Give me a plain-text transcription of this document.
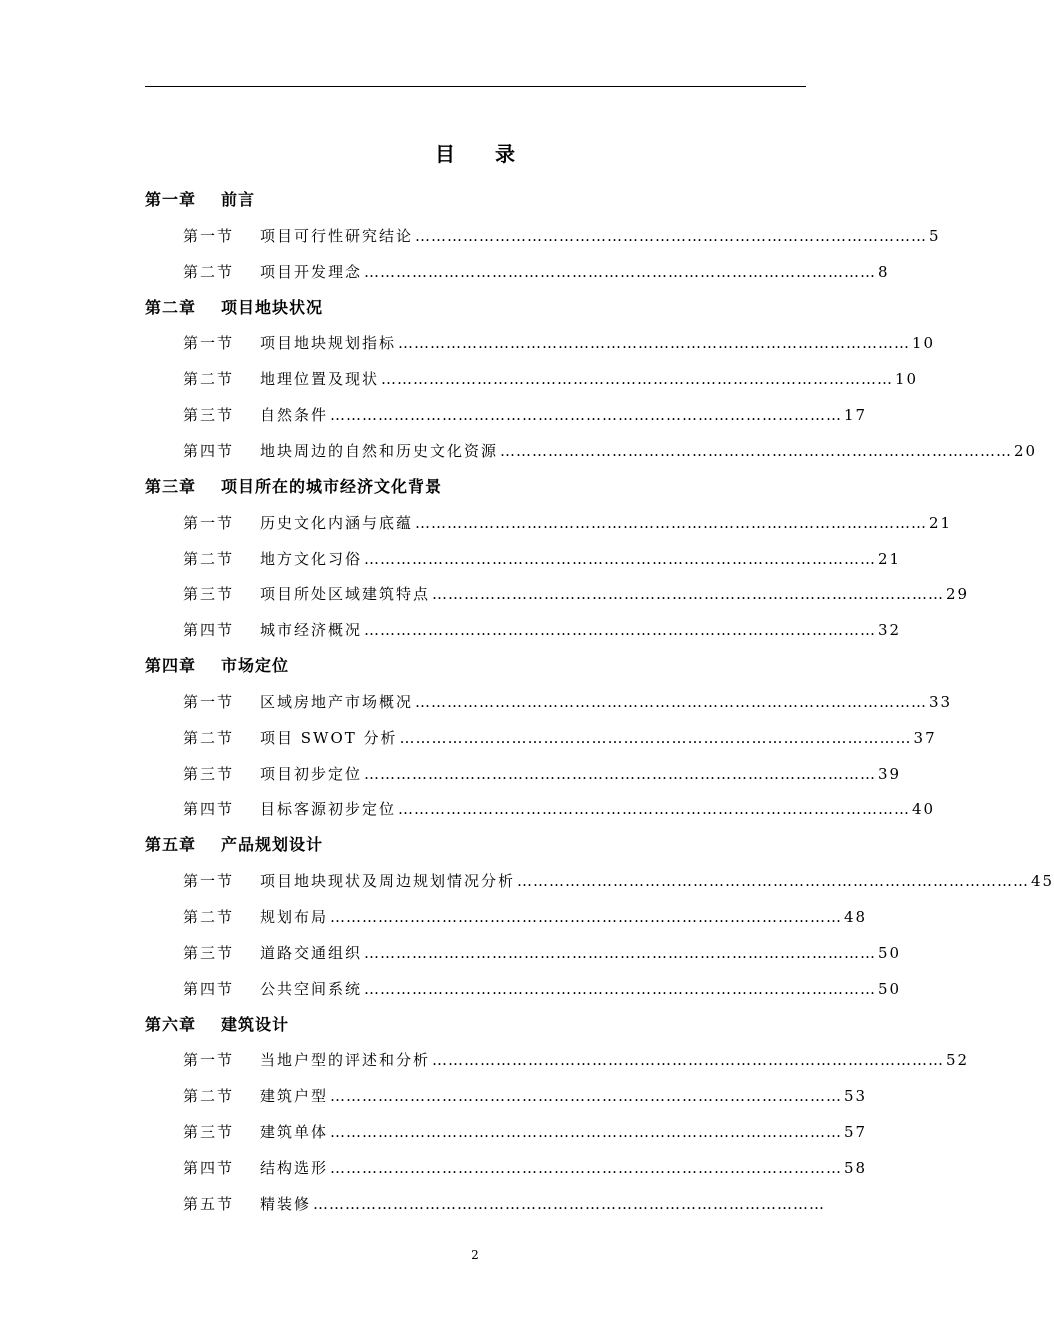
目录
第一章 前言
第一节	项目可行性研究结论 …………………………………………………………………………………… 5
第二节	项目开发理念 …………………………………………………………………………………… 8
第二章 项目地块状况
第一节	项目地块规划指标 …………………………………………………………………………………… 10
第二节	地理位置及现状 …………………………………………………………………………………… 10
第三节	自然条件 …………………………………………………………………………………… 17
第四节	地块周边的自然和历史文化资源 …………………………………………………………………………………… 20
第三章 项目所在的城市经济文化背景
第一节	历史文化内涵与底蕴 …………………………………………………………………………………… 21
第二节	地方文化习俗 …………………………………………………………………………………… 21
第三节	项目所处区域建筑特点 …………………………………………………………………………………… 29
第四节	城市经济概况 …………………………………………………………………………………… 32
第四章 市场定位
第一节	区域房地产市场概况 …………………………………………………………………………………… 33
第二节	项目 SWOT 分析 …………………………………………………………………………………… 37
第三节	项目初步定位 …………………………………………………………………………………… 39
第四节	目标客源初步定位 …………………………………………………………………………………… 40
第五章 产品规划设计
第一节	项目地块现状及周边规划情况分析 …………………………………………………………………………………… 45
第二节	规划布局 …………………………………………………………………………………… 48
第三节	道路交通组织 …………………………………………………………………………………… 50
第四节	公共空间系统 …………………………………………………………………………………… 50
第六章 建筑设计
第一节	当地户型的评述和分析 …………………………………………………………………………………… 52
第二节	建筑户型 …………………………………………………………………………………… 53
第三节	建筑单体 …………………………………………………………………………………… 57
第四节	结构选形 …………………………………………………………………………………… 58
第五节	精装修 ……………………………………………………………………………………
2
